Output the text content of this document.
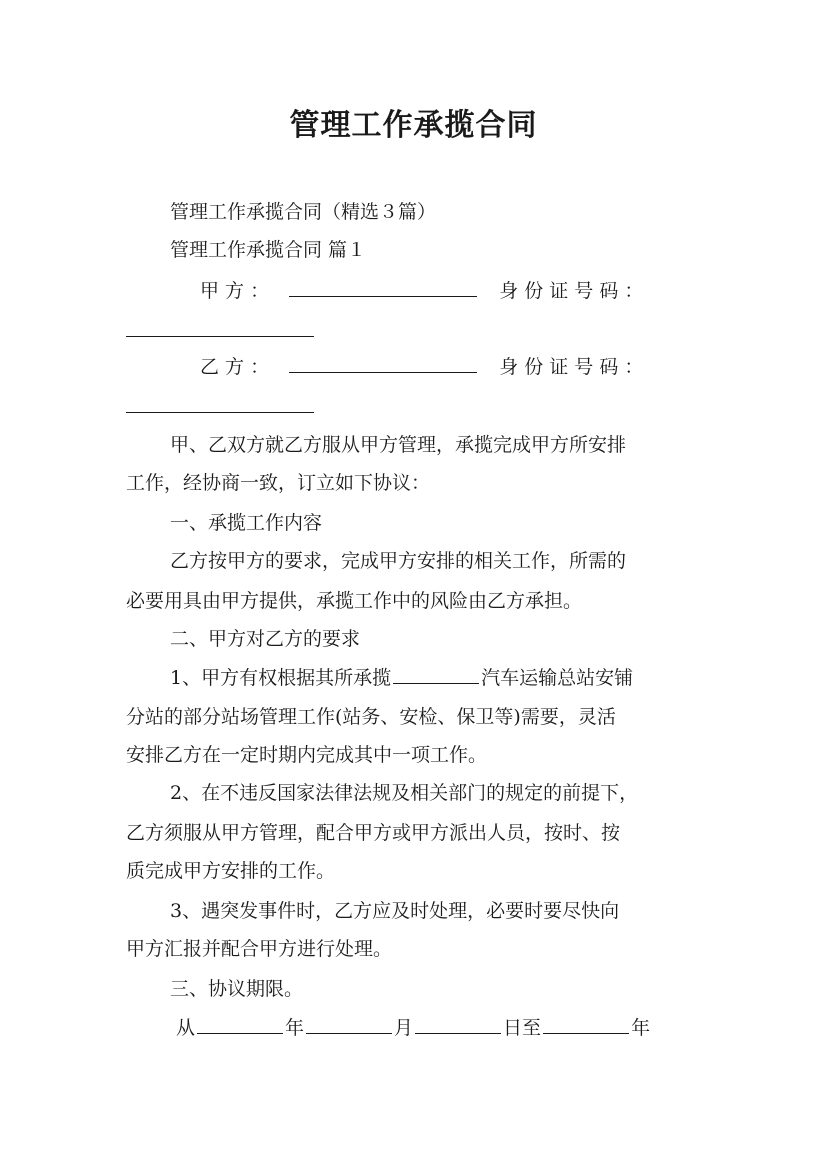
管理工作承揽合同
管理工作承揽合同（精选３篇）
管理工作承揽合同 篇１
甲 方 ：	身 份 证 号 码 ：
乙 方 ：	身 份 证 号 码 ：
甲、乙双方就乙方服从甲方管理，承揽完成甲方所安排
工作，经协商一致，订立如下协议：
一、承揽工作内容
乙方按甲方的要求，完成甲方安排的相关工作，所需的
必要用具由甲方提供，承揽工作中的风险由乙方承担。
二、甲方对乙方的要求
1、甲方有权根据其所承揽	汽车运输总站安铺
分站的部分站场管理工作(站务、安检、保卫等)需要，灵活
安排乙方在一定时期内完成其中一项工作。
2、在不违反国家法律法规及相关部门的规定的前提下，
乙方须服从甲方管理，配合甲方或甲方派出人员，按时、按
质完成甲方安排的工作。
3、遇突发事件时，乙方应及时处理，必要时要尽快向
甲方汇报并配合甲方进行处理。
三、协议期限。
从	年	月	日至	年
